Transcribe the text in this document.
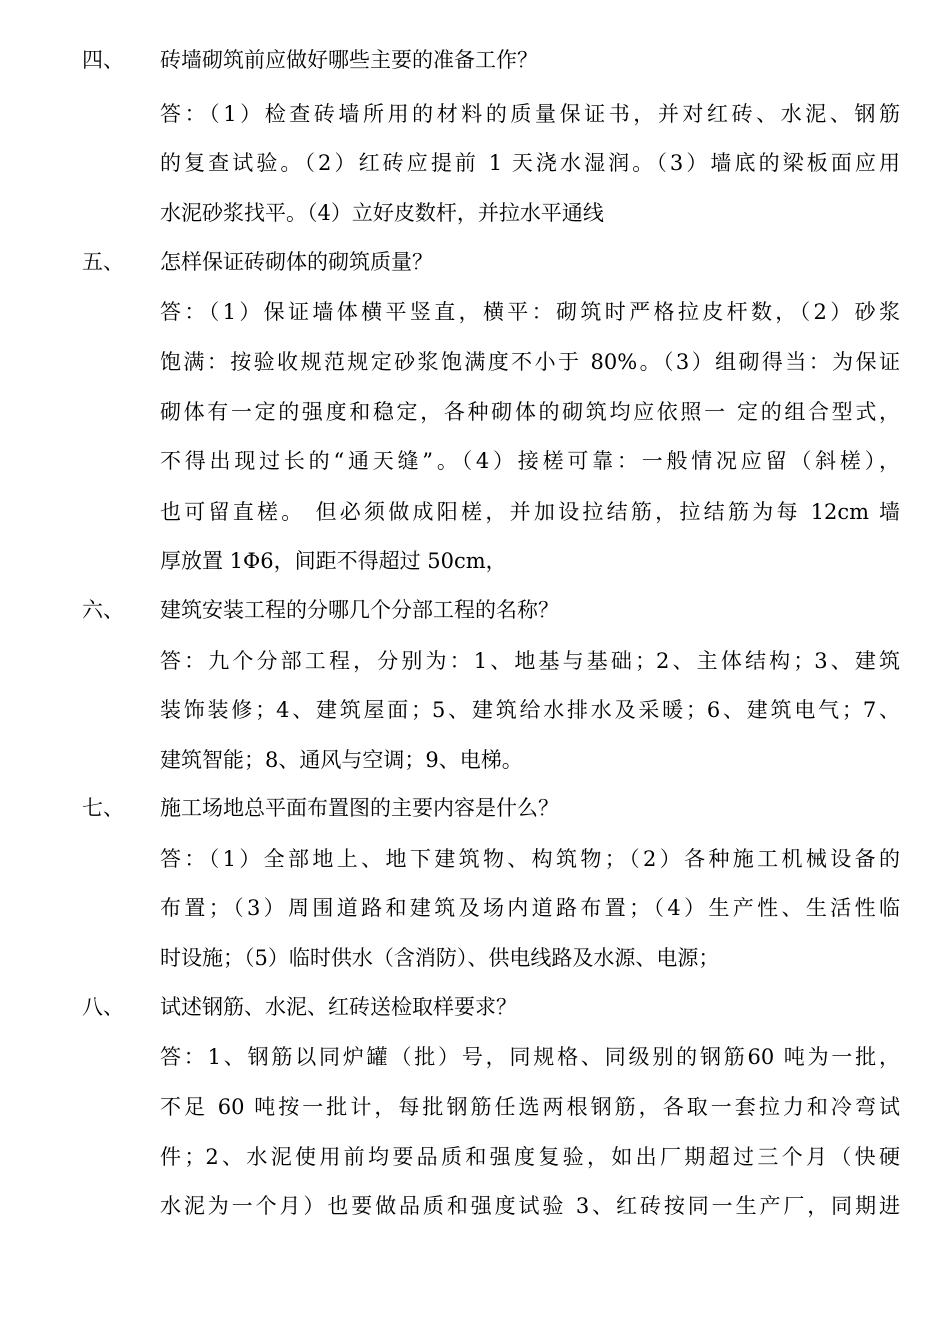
四、	砖墙砌筑前应做好哪些主要的准备工作？
答：（1）检查砖墙所用的材料的质量保证书，并对红砖、水泥、钢筋
的复查试验。（2）红砖应提前 1 天浇水湿润。（3）墙底的梁板面应用
水泥砂浆找平。（4）立好皮数杆，并拉水平通线
五、	怎样保证砖砌体的砌筑质量？
答：（1）保证墙体横平竖直，横平：砌筑时严格拉皮杆数，（2）砂浆
饱满：按验收规范规定砂浆饱满度不小于 80%。（3）组砌得当：为保证
砌体有一定的强度和稳定，各种砌体的砌筑均应依照一 定的组合型式，
不得出现过长的“通天缝”。（4）接槎可靠：一般情况应留（斜槎），
也可留直槎。 但必须做成阳槎，并加设拉结筋，拉结筋为每 12cm 墙
厚放置 1Φ6，间距不得超过 50cm，
六、	建筑安装工程的分哪几个分部工程的名称？
答：九个分部工程，分别为：1、地基与基础；2、主体结构；3、建筑
装饰装修；4、建筑屋面；5、建筑给水排水及采暖；6、建筑电气；7、
建筑智能；8、通风与空调；9、电梯。
七、	施工场地总平面布置图的主要内容是什么？
答：（1）全部地上、地下建筑物、构筑物；（2）各种施工机械设备的
布置；（3）周围道路和建筑及场内道路布置；（4）生产性、生活性临
时设施；（5）临时供水（含消防）、供电线路及水源、电源；
八、	试述钢筋、水泥、红砖送检取样要求？
答：1、钢筋以同炉罐（批）号，同规格、同级别的钢筋60 吨为一批，
不足 60 吨按一批计，每批钢筋任选两根钢筋，各取一套拉力和冷弯试
件；2、水泥使用前均要品质和强度复验，如出厂期超过三个月（快硬
水泥为一个月）也要做品质和强度试验 3、红砖按同一生产厂，同期进
